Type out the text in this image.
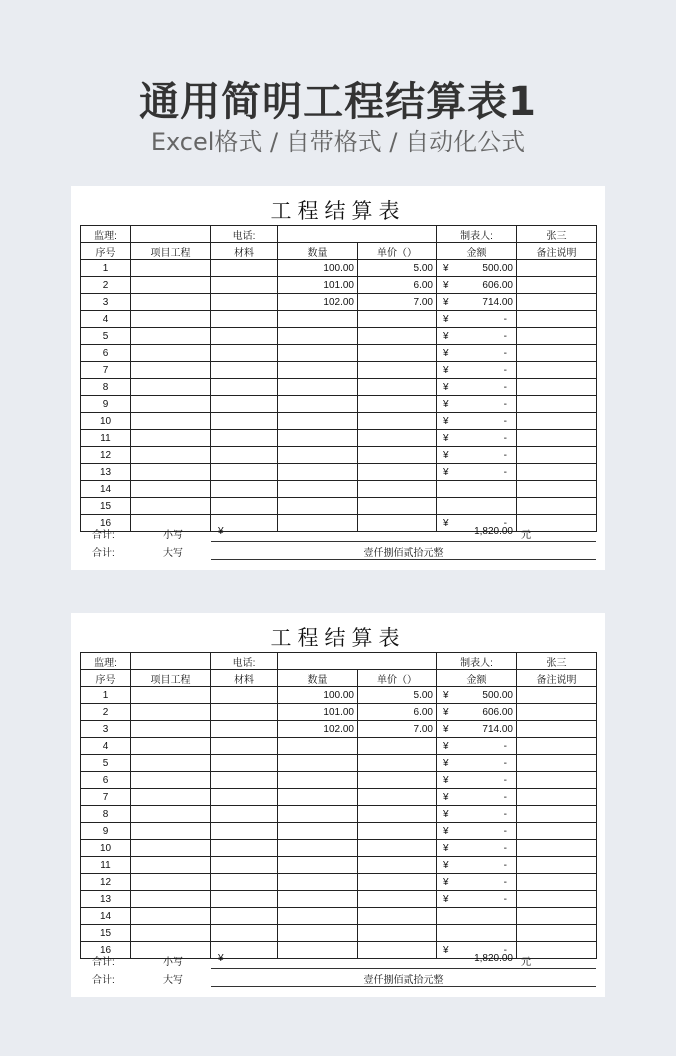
通用简明工程结算表1
Excel格式 / 自带格式 / 自动化公式
工程结算表
监理:		电话:			制表人:	张三
序号	项目工程	材料	数量	单价（）	金额	备注说明
1			100.00	5.00	¥ 500.00	
2			101.00	6.00	¥ 606.00	
3			102.00	7.00	¥ 714.00	
4					¥ -	
5					¥ -	
6					¥ -	
7					¥ -	
8					¥ -	
9					¥ -	
10					¥ -	
11					¥ -	
12					¥ -	
13					¥ -	
14						
15						
16					¥ -	
合计:	小写	¥	1,820.00 元
合计:	大写	壹仟捌佰贰拾元整
工程结算表
监理:		电话:			制表人:	张三
序号	项目工程	材料	数量	单价（）	金额	备注说明
1			100.00	5.00	¥ 500.00	
2			101.00	6.00	¥ 606.00	
3			102.00	7.00	¥ 714.00	
4					¥ -	
5					¥ -	
6					¥ -	
7					¥ -	
8					¥ -	
9					¥ -	
10					¥ -	
11					¥ -	
12					¥ -	
13					¥ -	
14						
15						
16					¥ -	
合计:	小写	¥	1,820.00 元
合计:	大写	壹仟捌佰贰拾元整
